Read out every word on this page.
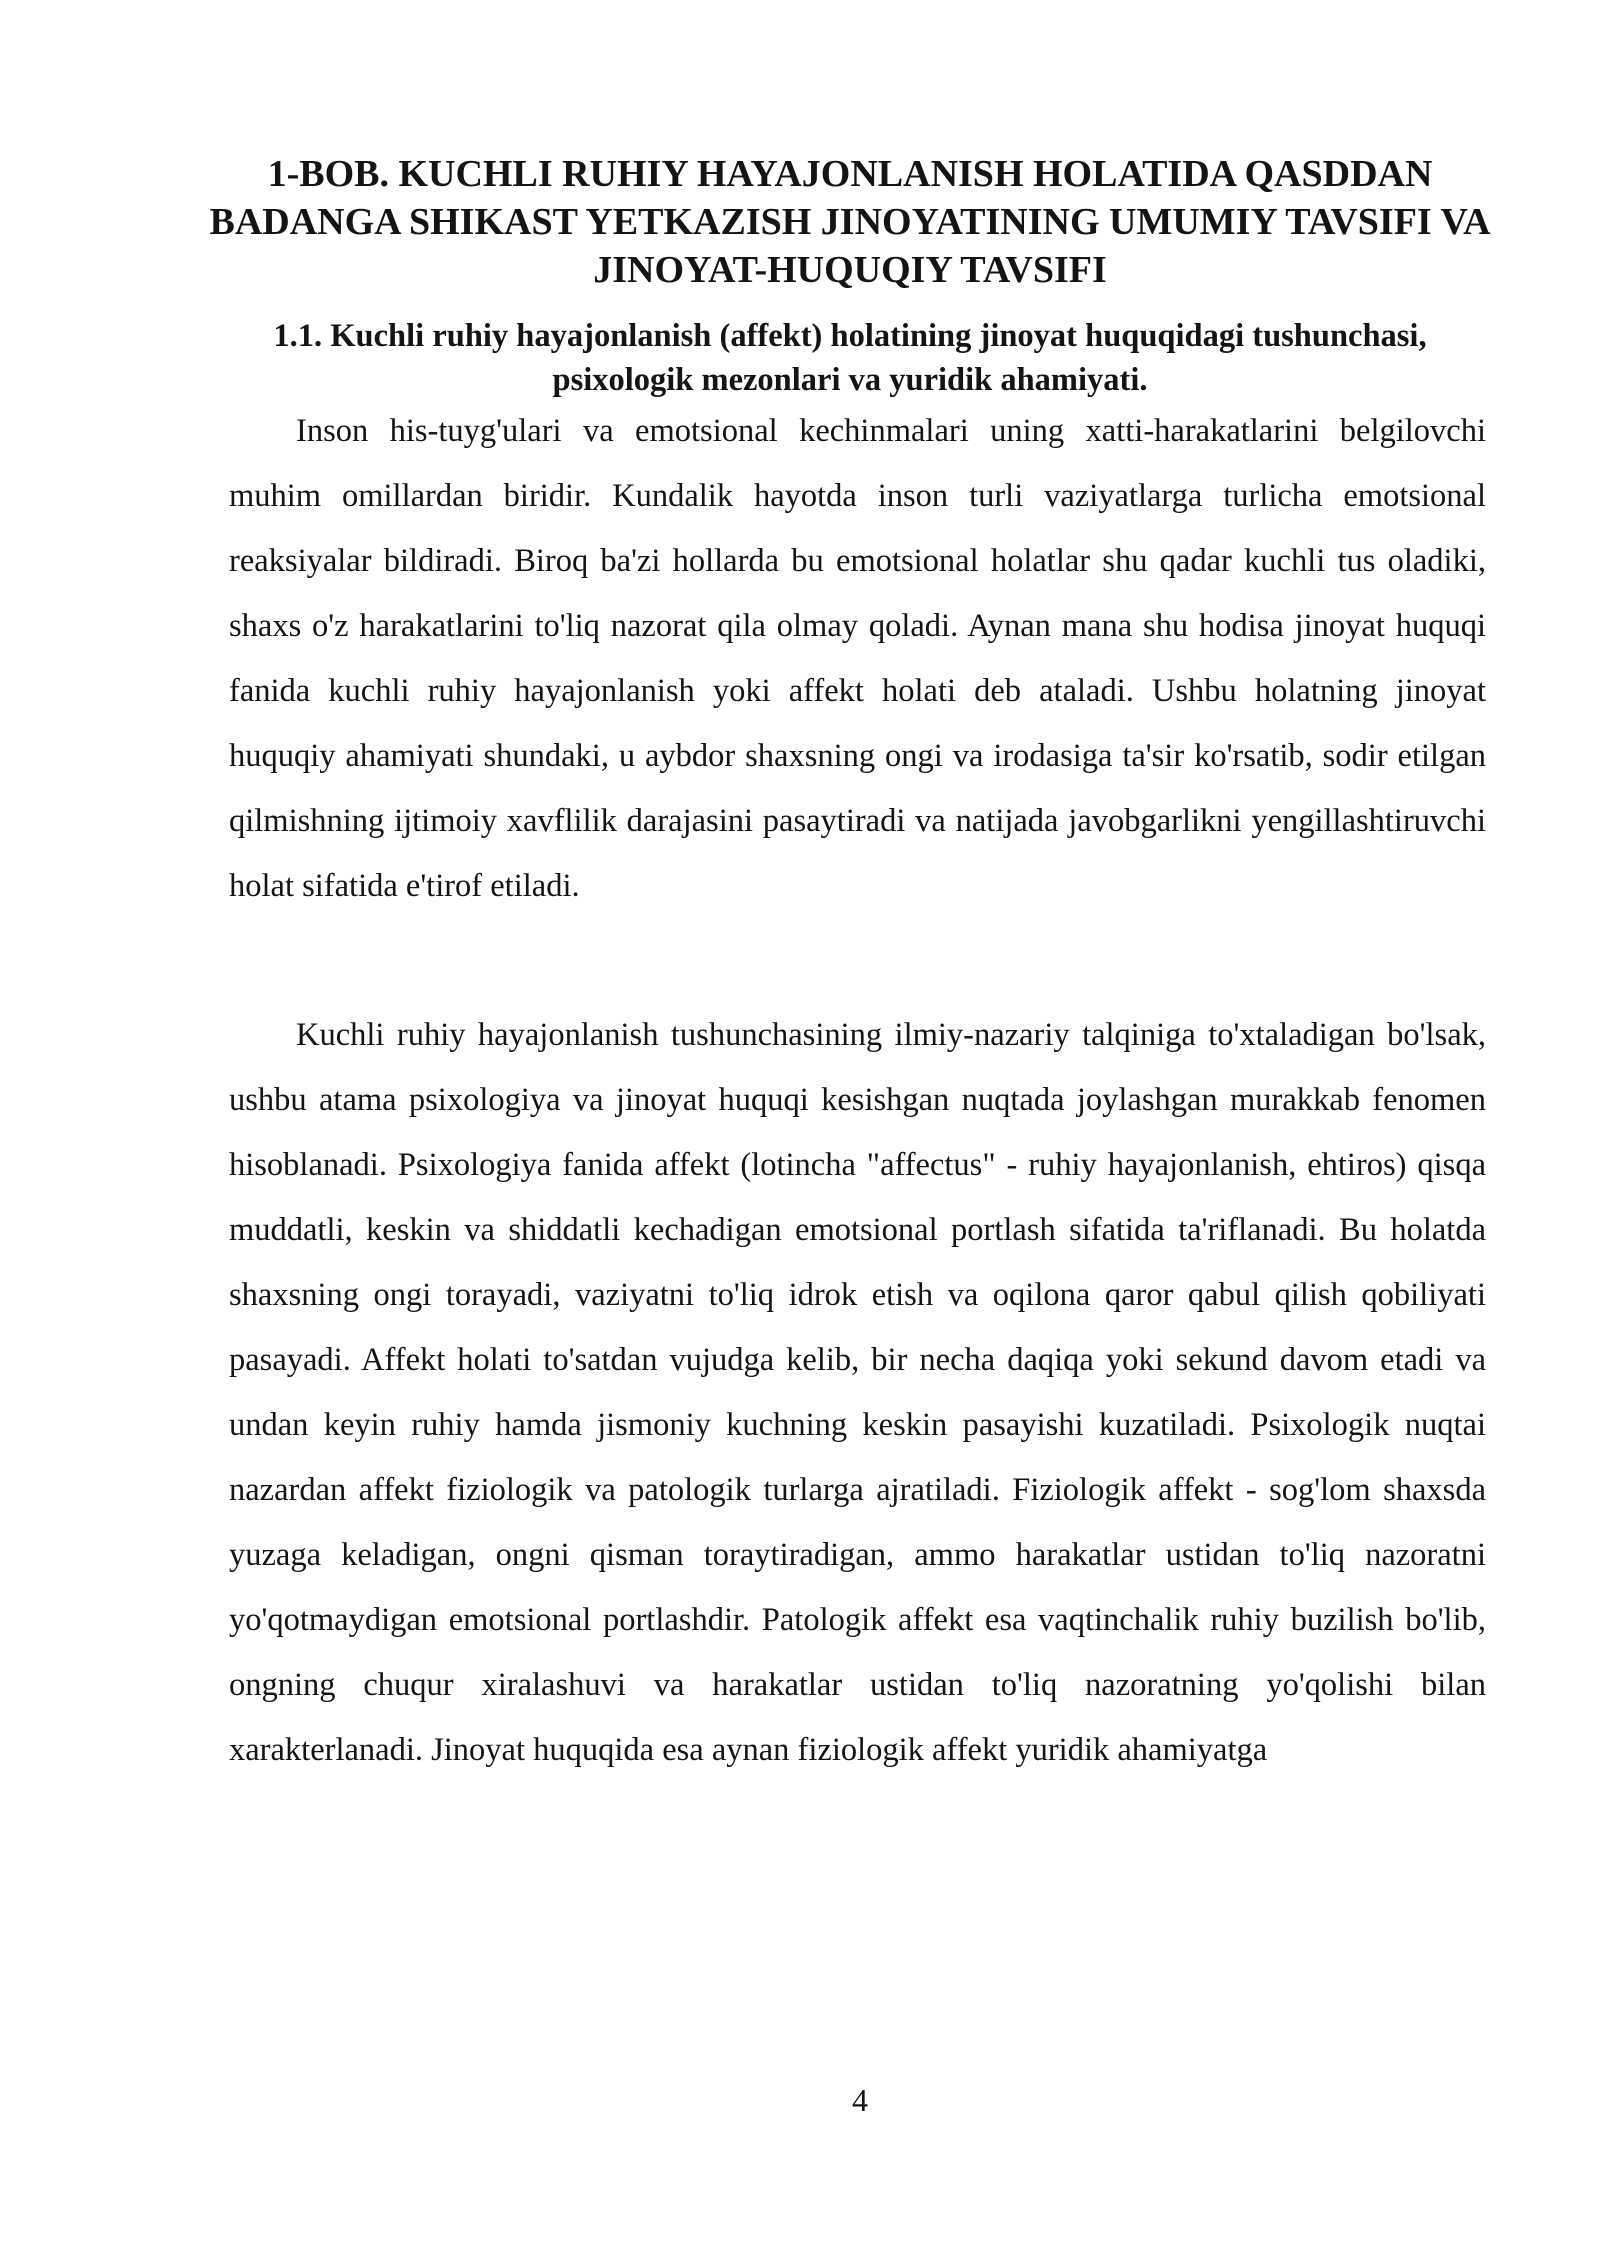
1-BOB. KUCHLI RUHIY HAYAJONLANISH HOLATIDA QASDDAN BADANGA SHIKAST YETKAZISH JINOYATINING UMUMIY TAVSIFI VA JINOYAT-HUQUQIY TAVSIFI
1.1. Kuchli ruhiy hayajonlanish (affekt) holatining jinoyat huquqidagi tushunchasi, psixologik mezonlari va yuridik ahamiyati.

Inson his-tuyg'ulari va emotsional kechinmalari uning xatti-harakatlarini belgilovchi muhim omillardan biridir. Kundalik hayotda inson turli vaziyatlarga turlicha emotsional reaksiyalar bildiradi. Biroq ba'zi hollarda bu emotsional holatlar shu qadar kuchli tus oladiki, shaxs o'z harakatlarini to'liq nazorat qila olmay qoladi. Aynan mana shu hodisa jinoyat huquqi fanida kuchli ruhiy hayajonlanish yoki affekt holati deb ataladi. Ushbu holatning jinoyat huquqiy ahamiyati shundaki, u aybdor shaxsning ongi va irodasiga ta'sir ko'rsatib, sodir etilgan qilmishning ijtimoiy xavflilik darajasini pasaytiradi va natijada javobgarlikni yengillashtiruvchi holat sifatida e'tirof etiladi.

Kuchli ruhiy hayajonlanish tushunchasining ilmiy-nazariy talqiniga to'xtaladigan bo'lsak, ushbu atama psixologiya va jinoyat huquqi kesishgan nuqtada joylashgan murakkab fenomen hisoblanadi. Psixologiya fanida affekt (lotincha "affectus" - ruhiy hayajonlanish, ehtiros) qisqa muddatli, keskin va shiddatli kechadigan emotsional portlash sifatida ta'riflanadi. Bu holatda shaxsning ongi torayadi, vaziyatni to'liq idrok etish va oqilona qaror qabul qilish qobiliyati pasayadi. Affekt holati to'satdan vujudga kelib, bir necha daqiqa yoki sekund davom etadi va undan keyin ruhiy hamda jismoniy kuchning keskin pasayishi kuzatiladi. Psixologik nuqtai nazardan affekt fiziologik va patologik turlarga ajratiladi. Fiziologik affekt - sog'lom shaxsda yuzaga keladigan, ongni qisman toraytiradigan, ammo harakatlar ustidan to'liq nazoratni yo'qotmaydigan emotsional portlashdir. Patologik affekt esa vaqtinchalik ruhiy buzilish bo'lib, ongning chuqur xiralashuvi va harakatlar ustidan to'liq nazoratning yo'qolishi bilan xarakterlanadi. Jinoyat huquqida esa aynan fiziologik affekt yuridik ahamiyatga

4
